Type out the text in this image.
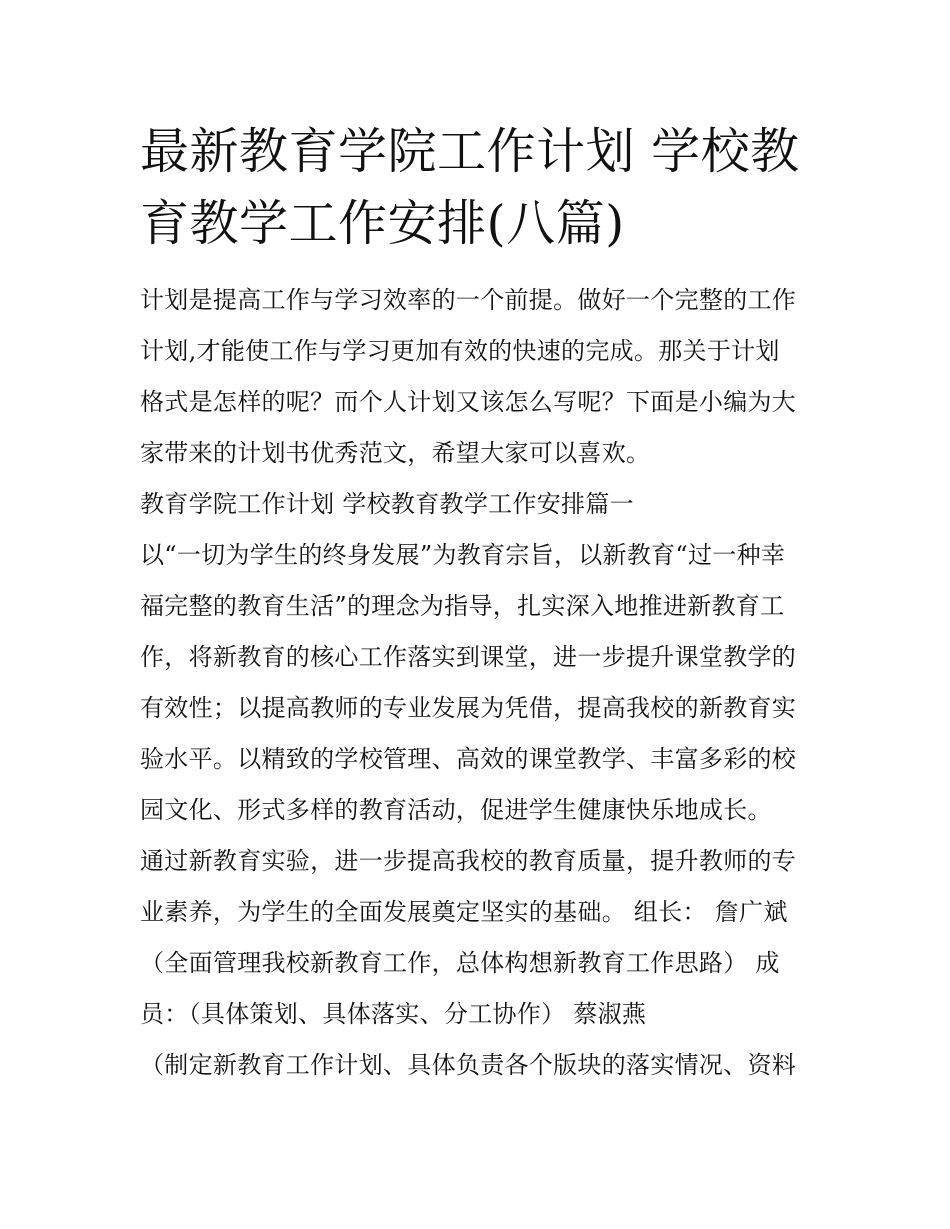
最新教育学院工作计划 学校教
育教学工作安排(八篇)
计划是提高工作与学习效率的一个前提。做好一个完整的工作
计划,才能使工作与学习更加有效的快速的完成。那关于计划
格式是怎样的呢？而个人计划又该怎么写呢？下面是小编为大
家带来的计划书优秀范文，希望大家可以喜欢。
教育学院工作计划 学校教育教学工作安排篇一
以“一切为学生的终身发展”为教育宗旨，以新教育“过一种幸
福完整的教育生活”的理念为指导，扎实深入地推进新教育工
作，将新教育的核心工作落实到课堂，进一步提升课堂教学的
有效性；以提高教师的专业发展为凭借，提高我校的新教育实
验水平。以精致的学校管理、高效的课堂教学、丰富多彩的校
园文化、形式多样的教育活动，促进学生健康快乐地成长。
通过新教育实验，进一步提高我校的教育质量，提升教师的专
业素养，为学生的全面发展奠定坚实的基础。 组长： 詹广斌
（全面管理我校新教育工作，总体构想新教育工作思路） 成
员：（具体策划、具体落实、分工协作） 蔡淑燕
（制定新教育工作计划、具体负责各个版块的落实情况、资料
